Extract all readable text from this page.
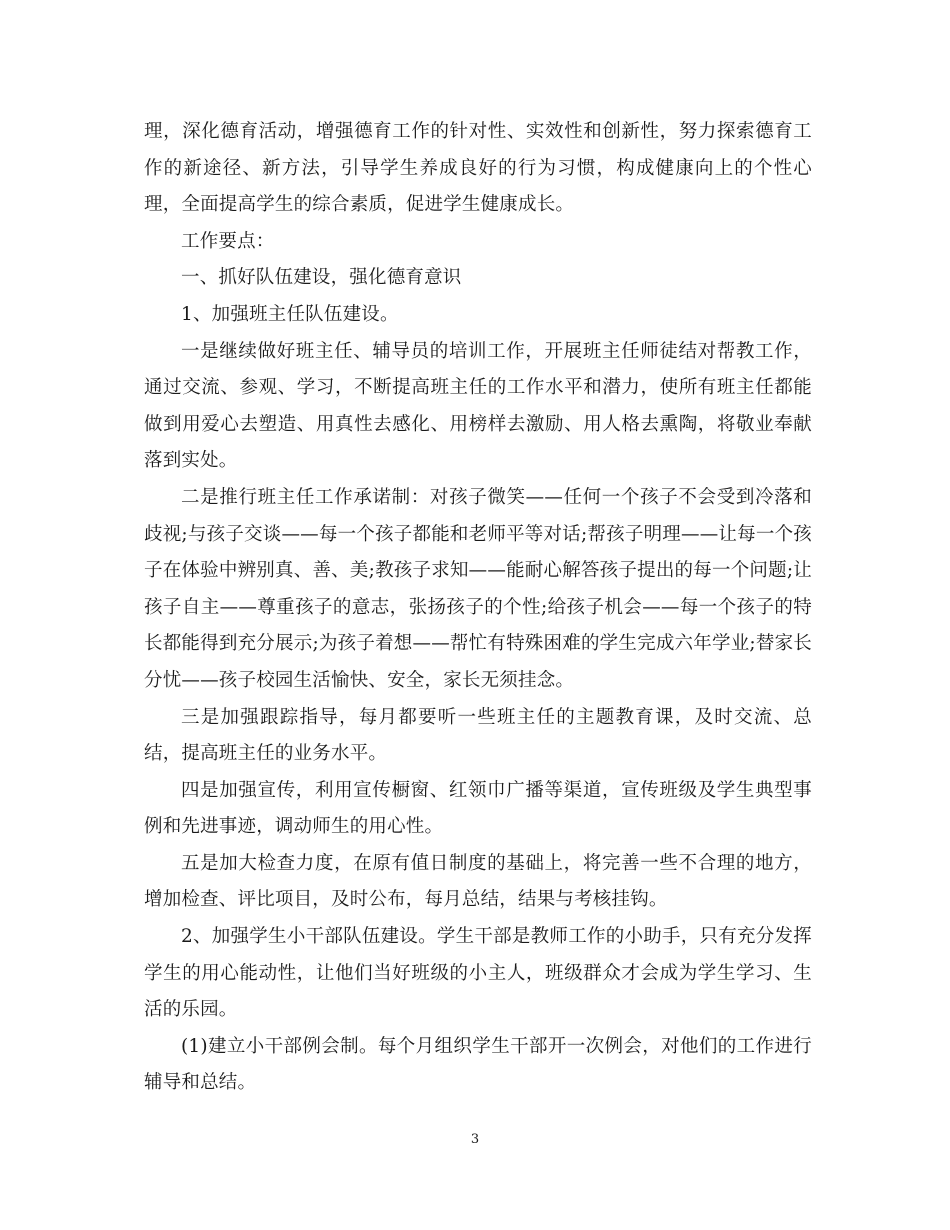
理，深化德育活动，增强德育工作的针对性、实效性和创新性，努力探索德育工作的新途径、新方法，引导学生养成良好的行为习惯，构成健康向上的个性心理，全面提高学生的综合素质，促进学生健康成长。

工作要点：

一、抓好队伍建设，强化德育意识

1、加强班主任队伍建设。

一是继续做好班主任、辅导员的培训工作，开展班主任师徒结对帮教工作，通过交流、参观、学习，不断提高班主任的工作水平和潜力，使所有班主任都能做到用爱心去塑造、用真性去感化、用榜样去激励、用人格去熏陶，将敬业奉献落到实处。

二是推行班主任工作承诺制：对孩子微笑——任何一个孩子不会受到冷落和歧视;与孩子交谈——每一个孩子都能和老师平等对话;帮孩子明理——让每一个孩子在体验中辨别真、善、美;教孩子求知——能耐心解答孩子提出的每一个问题;让孩子自主——尊重孩子的意志，张扬孩子的个性;给孩子机会——每一个孩子的特长都能得到充分展示;为孩子着想——帮忙有特殊困难的学生完成六年学业;替家长分忧——孩子校园生活愉快、安全，家长无须挂念。

三是加强跟踪指导，每月都要听一些班主任的主题教育课，及时交流、总结，提高班主任的业务水平。

四是加强宣传，利用宣传橱窗、红领巾广播等渠道，宣传班级及学生典型事例和先进事迹，调动师生的用心性。

五是加大检查力度，在原有值日制度的基础上，将完善一些不合理的地方，增加检查、评比项目，及时公布，每月总结，结果与考核挂钩。

2、加强学生小干部队伍建设。学生干部是教师工作的小助手，只有充分发挥学生的用心能动性，让他们当好班级的小主人，班级群众才会成为学生学习、生活的乐园。

(1)建立小干部例会制。每个月组织学生干部开一次例会，对他们的工作进行辅导和总结。

3
